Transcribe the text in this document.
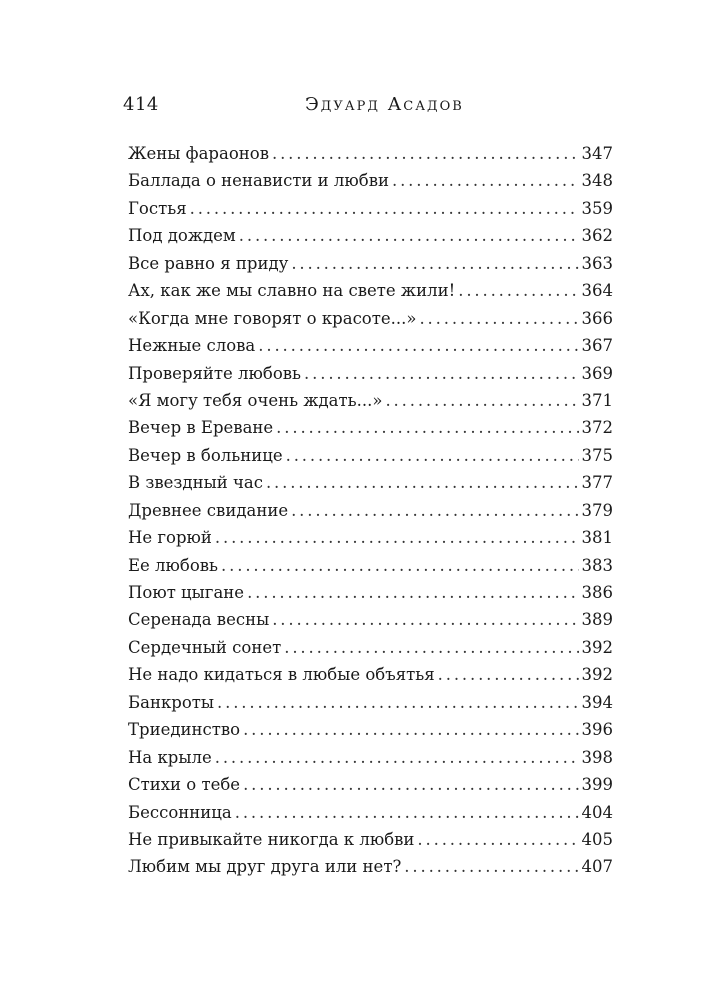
414	Эдуард Асадов
Жены фараонов . . .	347
Баллада о ненависти и любви . . .	348
Гостья . . .	359
Под дождем . . .	362
Все равно я приду . . .	363
Ах, как же мы славно на свете жили! . . .	364
«Когда мне говорят о красоте...» . . .	366
Нежные слова . . .	367
Проверяйте любовь . . .	369
«Я могу тебя очень ждать...» . . .	371
Вечер в Ереване . . .	372
Вечер в больнице . . .	375
В звездный час . . .	377
Древнее свидание . . .	379
Не горюй . . .	381
Ее любовь . . .	383
Поют цыгане . . .	386
Серенада весны . . .	389
Сердечный сонет . . .	392
Не надо кидаться в любые объятья . . .	392
Банкроты . . .	394
Триединство . . .	396
На крыле . . .	398
Стихи о тебе . . .	399
Бессонница . . .	404
Не привыкайте никогда к любви . . .	405
Любим мы друг друга или нет? . . .	407
